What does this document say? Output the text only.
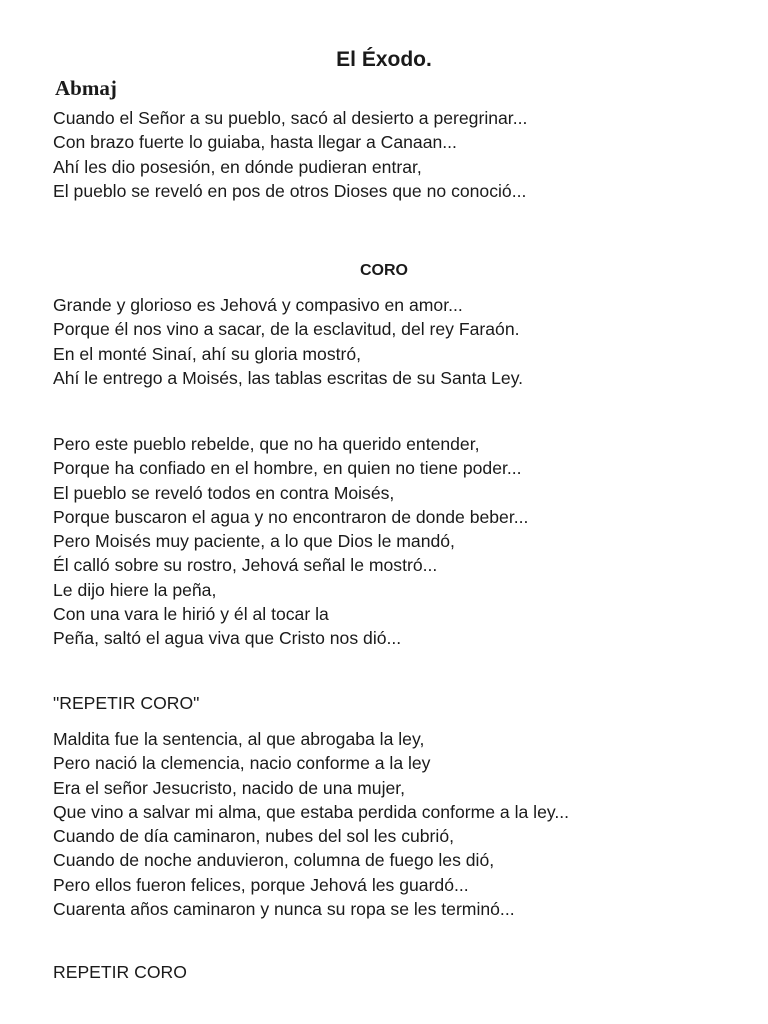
El Éxodo.
Abmaj
Cuando el Señor a su pueblo, sacó al desierto a peregrinar...
Con brazo fuerte lo guiaba, hasta llegar a Canaan...
Ahí les dio posesión, en dónde pudieran entrar,
El pueblo se reveló en pos de otros Dioses que no conoció...
CORO
Grande y glorioso es Jehová y compasivo en amor...
Porque él nos vino a sacar, de la esclavitud, del rey Faraón.
En el monté Sinaí, ahí su gloria mostró,
Ahí le entrego a Moisés, las tablas escritas de su Santa Ley.
Pero este pueblo rebelde, que no ha querido entender,
Porque ha confiado en el hombre, en quien no tiene poder...
El pueblo se reveló todos en contra Moisés,
Porque buscaron el agua y no encontraron de donde beber...
Pero Moisés muy paciente, a lo que Dios le mandó,
Él calló sobre su rostro, Jehová señal le mostró...
Le dijo hiere la peña,
Con una vara le hirió y él al tocar la
Peña, saltó el agua viva que Cristo nos dió...
"REPETIR CORO"
Maldita fue la sentencia, al que abrogaba la ley,
Pero nació la clemencia, nacio conforme a la ley
Era el señor Jesucristo, nacido de una mujer,
Que vino a salvar mi alma, que estaba perdida conforme a la ley...
Cuando de día caminaron, nubes del sol les cubrió,
Cuando de noche anduvieron, columna de fuego les dió,
Pero ellos fueron felices, porque Jehová les guardó...
Cuarenta años caminaron y nunca su ropa se les terminó...
REPETIR CORO
